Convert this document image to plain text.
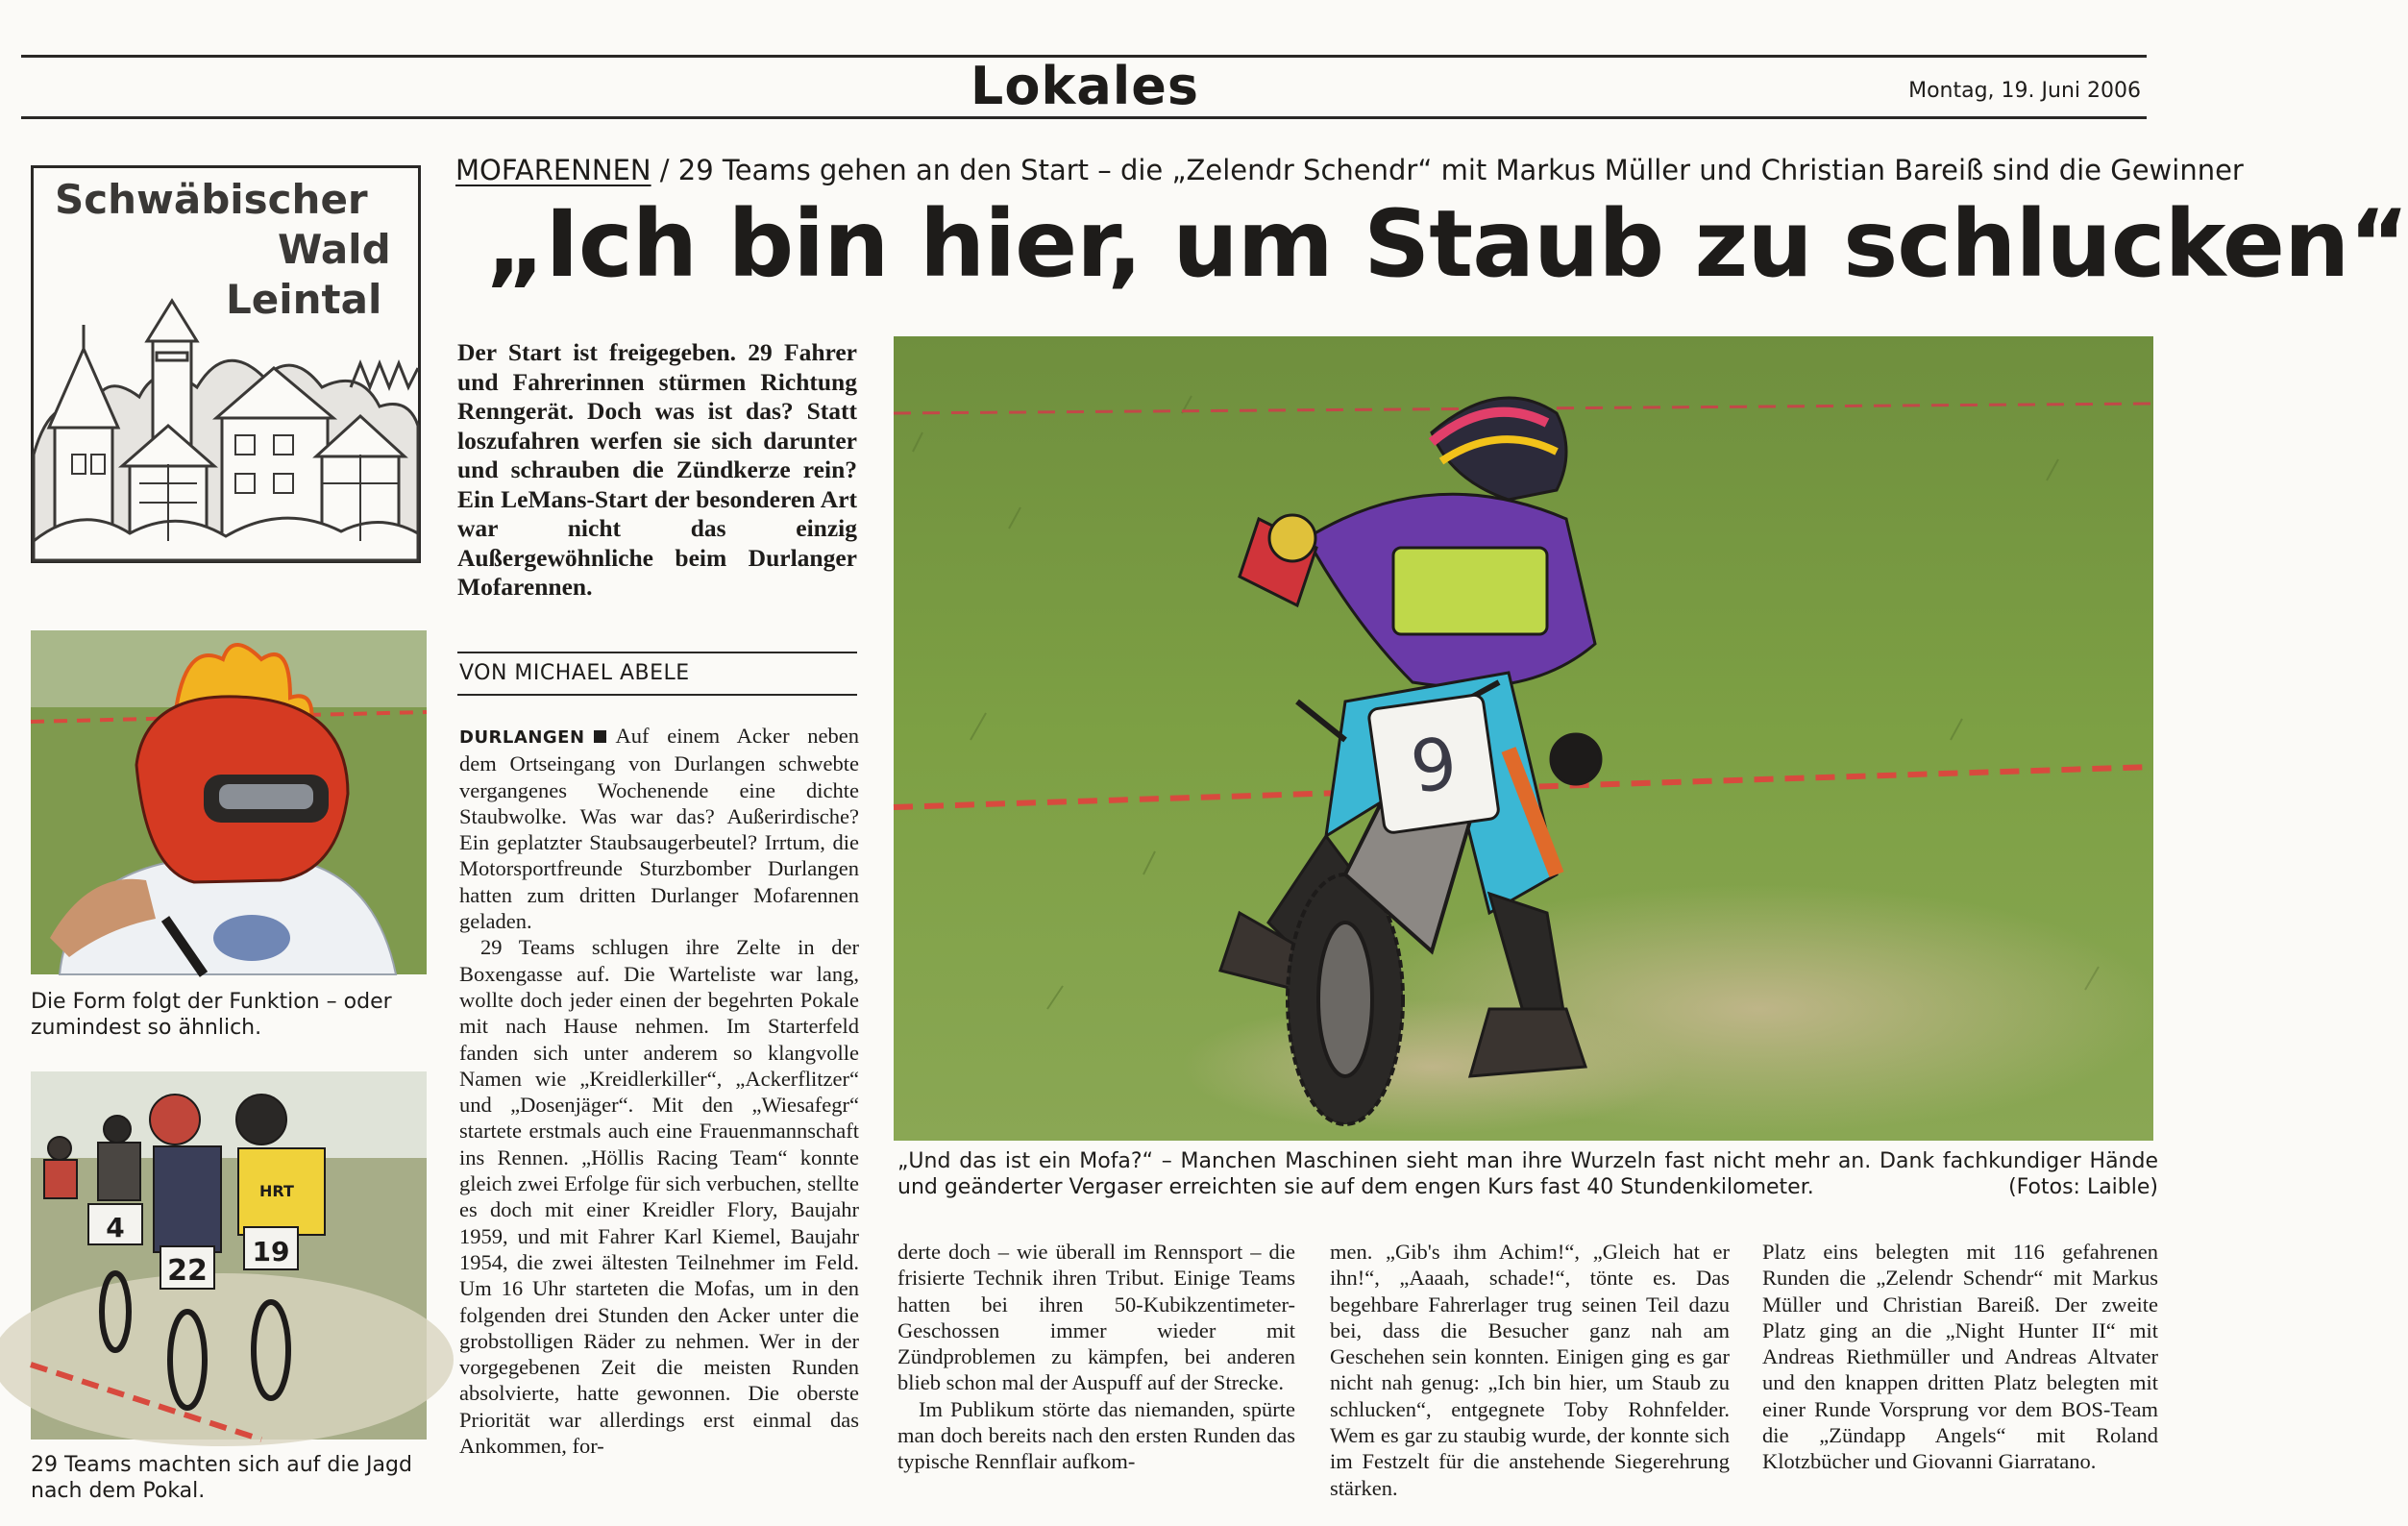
Lokales	Montag, 19. Juni 2006
MOFARENNEN / 29 Teams gehen an den Start – die „Zelendr Schendr“ mit Markus Müller und Christian Bareiß sind die Gewinner
„Ich bin hier, um Staub zu schlucken“
Schwäbischer
Wald
Leintal
Der Start ist freigegeben. 29 Fahrer und Fahrerinnen stürmen Richtung Renngerät. Doch was ist das? Statt loszufahren werfen sie sich darunter und schrauben die Zündkerze rein? Ein LeMans-Start der besonderen Art war nicht das einzig Außergewöhnliche beim Durlanger Mofarennen.
VON MICHAEL ABELE

DURLANGEN Auf einem Acker neben dem Ortseingang von Durlangen schwebte vergangenes Wochenende eine dichte Staubwolke. Was war das? Außerirdische? Ein geplatzter Staubsaugerbeutel? Irrtum, die Motorsportfreunde Sturzbomber Durlangen hatten zum dritten Durlanger Mofarennen geladen.

29 Teams schlugen ihre Zelte in der Boxengasse auf. Die Warteliste war lang, wollte doch jeder einen der begehrten Pokale mit nach Hause nehmen. Im Starterfeld fanden sich unter anderem so klangvolle Namen wie „Kreidlerkiller“, „Ackerflitzer“ und „Dosenjäger“. Mit den „Wiesafegr“ startete erstmals auch eine Frauenmannschaft ins Rennen. „Höllis Racing Team“ konnte gleich zwei Erfolge für sich verbuchen, stellte es doch mit einer Kreidler Flory, Baujahr 1959, und mit Fahrer Karl Kiemel, Baujahr 1954, die zwei ältesten Teilnehmer im Feld. Um 16 Uhr starteten die Mofas, um in den folgenden drei Stunden den Acker unter die grobstolligen Räder zu nehmen. Wer in der vorgegebenen Zeit die meisten Runden absolvierte, hatte gewonnen. Die oberste Priorität war allerdings erst einmal das Ankommen, for-

derte doch – wie überall im Rennsport – die frisierte Technik ihren Tribut. Einige Teams hatten bei ihren 50-Kubikzentimeter-Geschossen immer wieder mit Zündproblemen zu kämpfen, bei anderen blieb schon mal der Auspuff auf der Strecke.

Im Publikum störte das niemanden, spürte man doch bereits nach den ersten Runden das typische Rennflair aufkom-

men. „Gib's ihm Achim!“, „Gleich hat er ihn!“, „Aaaah, schade!“, tönte es. Das begehbare Fahrerlager trug seinen Teil dazu bei, dass die Besucher ganz nah am Geschehen sein konnten. Einigen ging es gar nicht nah genug: „Ich bin hier, um Staub zu schlucken“, entgegnete Toby Rohnfelder. Wem es gar zu staubig wurde, der konnte sich im Festzelt für die anstehende Siegerehrung stärken.

Platz eins belegten mit 116 gefahrenen Runden die „Zelendr Schendr“ mit Markus Müller und Christian Bareiß. Der zweite Platz ging an die „Night Hunter II“ mit Andreas Riethmüller und Andreas Altvater und den knappen dritten Platz belegten mit einer Runde Vorsprung vor dem BOS-Team die „Zündapp Angels“ mit Roland Klotzbücher und Giovanni Giarratano.

9
„Und das ist ein Mofa?“ – Manchen Maschinen sieht man ihre Wurzeln fast nicht mehr an. Dank fachkundiger Hände und geänderter Vergaser erreichten sie auf dem engen Kurs fast 40 Stundenkilometer.	(Fotos: Laible)
Die Form folgt der Funktion – oder zumindest so ähnlich.
HRT
4
22
19
29 Teams machten sich auf die Jagd nach dem Pokal.
